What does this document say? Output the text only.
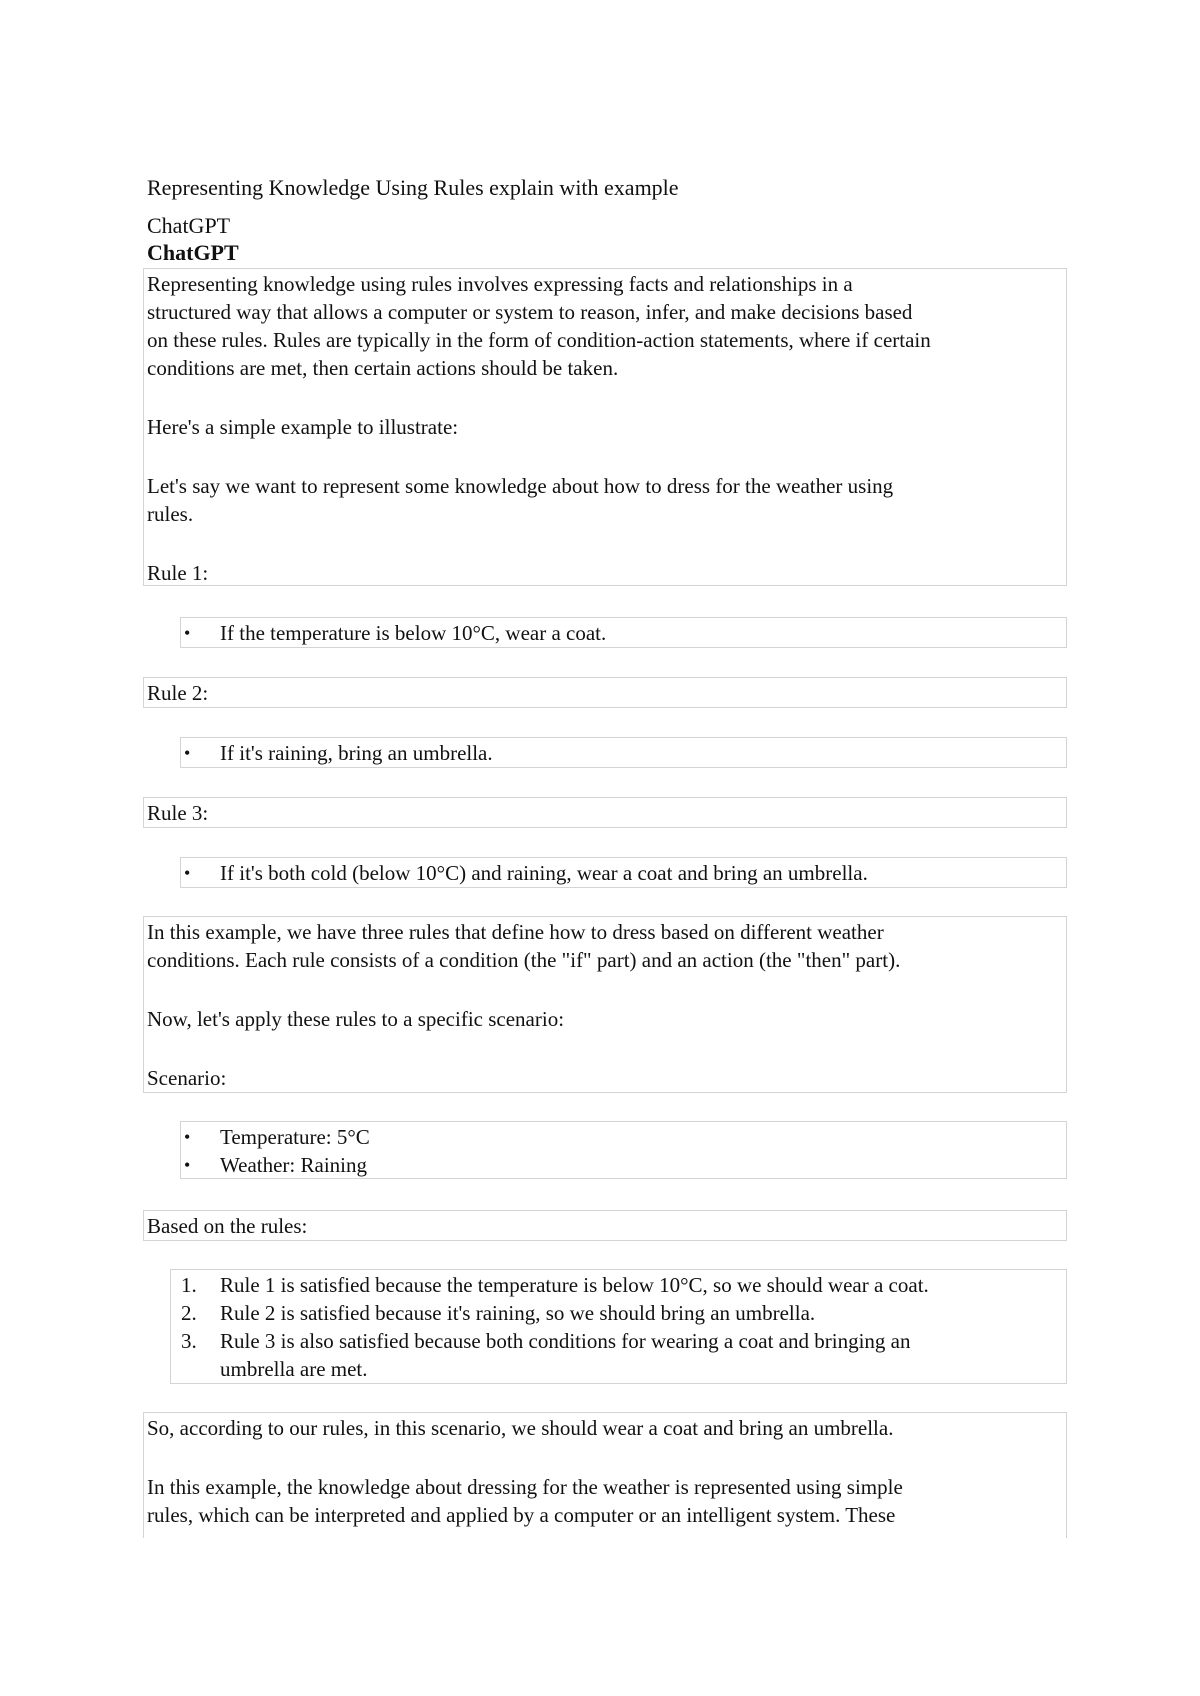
Representing Knowledge Using Rules explain with example
ChatGPT
ChatGPT

Representing knowledge using rules involves expressing facts and relationships in a

structured way that allows a computer or system to reason, infer, and make decisions based

on these rules. Rules are typically in the form of condition-action statements, where if certain

conditions are met, then certain actions should be taken.

Here's a simple example to illustrate:

Let's say we want to represent some knowledge about how to dress for the weather using

rules.

Rule 1:

• If the temperature is below 10°C, wear a coat.

Rule 2:

• If it's raining, bring an umbrella.

Rule 3:

• If it's both cold (below 10°C) and raining, wear a coat and bring an umbrella.

In this example, we have three rules that define how to dress based on different weather

conditions. Each rule consists of a condition (the "if" part) and an action (the "then" part).

Now, let's apply these rules to a specific scenario:

Scenario:

• Temperature: 5°C
• Weather: Raining

Based on the rules:

1. Rule 1 is satisfied because the temperature is below 10°C, so we should wear a coat.
2. Rule 2 is satisfied because it's raining, so we should bring an umbrella.
3. Rule 3 is also satisfied because both conditions for wearing a coat and bringing an
umbrella are met.

So, according to our rules, in this scenario, we should wear a coat and bring an umbrella.

In this example, the knowledge about dressing for the weather is represented using simple

rules, which can be interpreted and applied by a computer or an intelligent system. These
